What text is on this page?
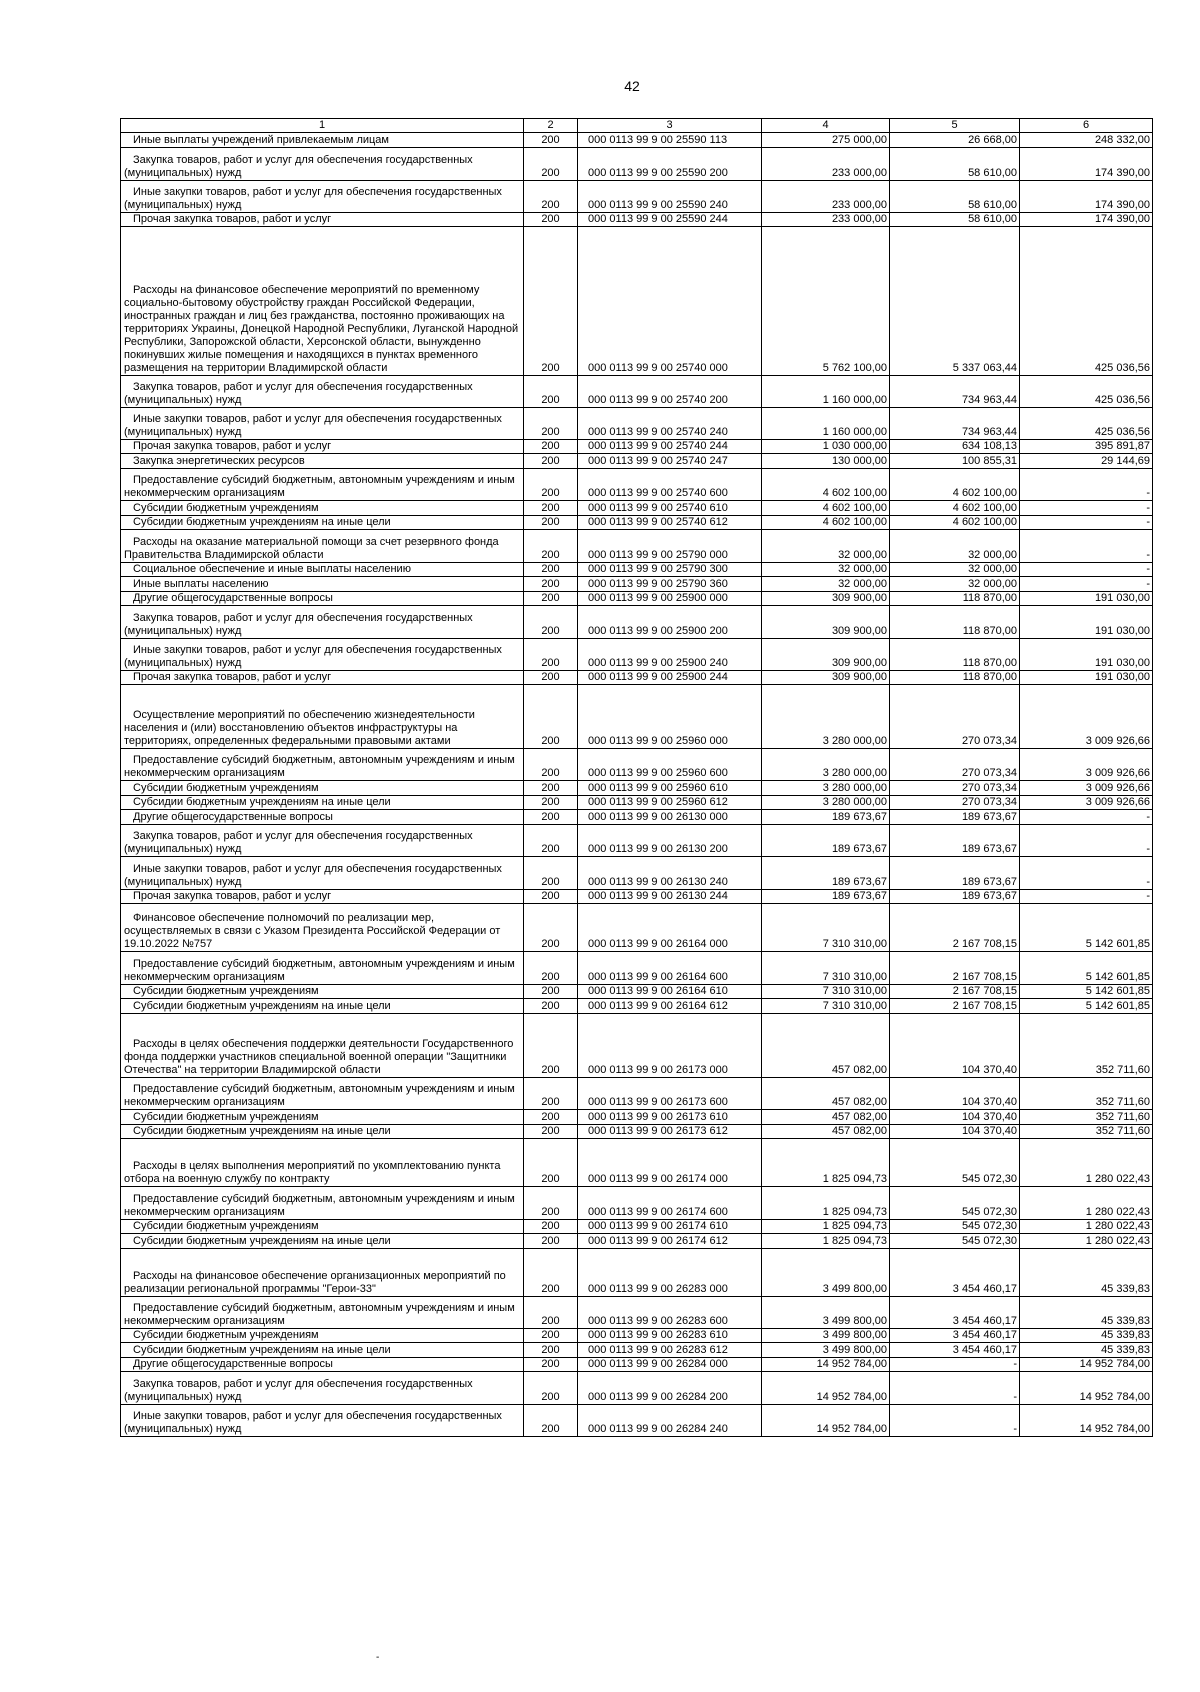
42
1	2	3	4	5	6
Иные выплаты учреждений привлекаемым лицам	200	000 0113 99 9 00 25590 113	275 000,00	26 668,00	248 332,00
Закупка товаров, работ и услуг для обеспечения государственных (муниципальных) нужд	200	000 0113 99 9 00 25590 200	233 000,00	58 610,00	174 390,00
Иные закупки товаров, работ и услуг для обеспечения государственных (муниципальных) нужд	200	000 0113 99 9 00 25590 240	233 000,00	58 610,00	174 390,00
Прочая закупка товаров, работ и услуг	200	000 0113 99 9 00 25590 244	233 000,00	58 610,00	174 390,00
Расходы на финансовое обеспечение мероприятий по временному социально-бытовому обустройству граждан Российской Федерации, иностранных граждан и лиц без гражданства, постоянно проживающих на территориях Украины, Донецкой Народной Республики, Луганской Народной Республики, Запорожской области, Херсонской области, вынужденно покинувших жилые помещения и находящихся в пунктах временного размещения на территории Владимирской области	200	000 0113 99 9 00 25740 000	5 762 100,00	5 337 063,44	425 036,56
Закупка товаров, работ и услуг для обеспечения государственных (муниципальных) нужд	200	000 0113 99 9 00 25740 200	1 160 000,00	734 963,44	425 036,56
Иные закупки товаров, работ и услуг для обеспечения государственных (муниципальных) нужд	200	000 0113 99 9 00 25740 240	1 160 000,00	734 963,44	425 036,56
Прочая закупка товаров, работ и услуг	200	000 0113 99 9 00 25740 244	1 030 000,00	634 108,13	395 891,87
Закупка энергетических ресурсов	200	000 0113 99 9 00 25740 247	130 000,00	100 855,31	29 144,69
Предоставление субсидий бюджетным, автономным учреждениям и иным некоммерческим организациям	200	000 0113 99 9 00 25740 600	4 602 100,00	4 602 100,00	-
Субсидии бюджетным учреждениям	200	000 0113 99 9 00 25740 610	4 602 100,00	4 602 100,00	-
Субсидии бюджетным учреждениям на иные цели	200	000 0113 99 9 00 25740 612	4 602 100,00	4 602 100,00	-
Расходы на оказание материальной помощи за счет резервного фонда Правительства Владимирской области	200	000 0113 99 9 00 25790 000	32 000,00	32 000,00	-
Социальное обеспечение и иные выплаты населению	200	000 0113 99 9 00 25790 300	32 000,00	32 000,00	-
Иные выплаты населению	200	000 0113 99 9 00 25790 360	32 000,00	32 000,00	-
Другие общегосударственные вопросы	200	000 0113 99 9 00 25900 000	309 900,00	118 870,00	191 030,00
Закупка товаров, работ и услуг для обеспечения государственных (муниципальных) нужд	200	000 0113 99 9 00 25900 200	309 900,00	118 870,00	191 030,00
Иные закупки товаров, работ и услуг для обеспечения государственных (муниципальных) нужд	200	000 0113 99 9 00 25900 240	309 900,00	118 870,00	191 030,00
Прочая закупка товаров, работ и услуг	200	000 0113 99 9 00 25900 244	309 900,00	118 870,00	191 030,00
Осуществление мероприятий по обеспечению жизнедеятельности населения и (или) восстановлению объектов инфраструктуры на территориях, определенных федеральными правовыми актами	200	000 0113 99 9 00 25960 000	3 280 000,00	270 073,34	3 009 926,66
Предоставление субсидий бюджетным, автономным учреждениям и иным некоммерческим организациям	200	000 0113 99 9 00 25960 600	3 280 000,00	270 073,34	3 009 926,66
Субсидии бюджетным учреждениям	200	000 0113 99 9 00 25960 610	3 280 000,00	270 073,34	3 009 926,66
Субсидии бюджетным учреждениям на иные цели	200	000 0113 99 9 00 25960 612	3 280 000,00	270 073,34	3 009 926,66
Другие общегосударственные вопросы	200	000 0113 99 9 00 26130 000	189 673,67	189 673,67	-
Закупка товаров, работ и услуг для обеспечения государственных (муниципальных) нужд	200	000 0113 99 9 00 26130 200	189 673,67	189 673,67	-
Иные закупки товаров, работ и услуг для обеспечения государственных (муниципальных) нужд	200	000 0113 99 9 00 26130 240	189 673,67	189 673,67	-
Прочая закупка товаров, работ и услуг	200	000 0113 99 9 00 26130 244	189 673,67	189 673,67	-
Финансовое обеспечение полномочий по реализации мер, осуществляемых в связи с Указом Президента Российской Федерации от 19.10.2022 №757	200	000 0113 99 9 00 26164 000	7 310 310,00	2 167 708,15	5 142 601,85
Предоставление субсидий бюджетным, автономным учреждениям и иным некоммерческим организациям	200	000 0113 99 9 00 26164 600	7 310 310,00	2 167 708,15	5 142 601,85
Субсидии бюджетным учреждениям	200	000 0113 99 9 00 26164 610	7 310 310,00	2 167 708,15	5 142 601,85
Субсидии бюджетным учреждениям на иные цели	200	000 0113 99 9 00 26164 612	7 310 310,00	2 167 708,15	5 142 601,85
Расходы в целях обеспечения поддержки деятельности Государственного фонда поддержки участников специальной военной операции "Защитники Отечества" на территории Владимирской области	200	000 0113 99 9 00 26173 000	457 082,00	104 370,40	352 711,60
Предоставление субсидий бюджетным, автономным учреждениям и иным некоммерческим организациям	200	000 0113 99 9 00 26173 600	457 082,00	104 370,40	352 711,60
Субсидии бюджетным учреждениям	200	000 0113 99 9 00 26173 610	457 082,00	104 370,40	352 711,60
Субсидии бюджетным учреждениям на иные цели	200	000 0113 99 9 00 26173 612	457 082,00	104 370,40	352 711,60
Расходы в целях выполнения мероприятий по укомплектованию пункта отбора на военную службу по контракту	200	000 0113 99 9 00 26174 000	1 825 094,73	545 072,30	1 280 022,43
Предоставление субсидий бюджетным, автономным учреждениям и иным некоммерческим организациям	200	000 0113 99 9 00 26174 600	1 825 094,73	545 072,30	1 280 022,43
Субсидии бюджетным учреждениям	200	000 0113 99 9 00 26174 610	1 825 094,73	545 072,30	1 280 022,43
Субсидии бюджетным учреждениям на иные цели	200	000 0113 99 9 00 26174 612	1 825 094,73	545 072,30	1 280 022,43
Расходы на финансовое обеспечение организационных мероприятий по реализации региональной программы "Герои-33"	200	000 0113 99 9 00 26283 000	3 499 800,00	3 454 460,17	45 339,83
Предоставление субсидий бюджетным, автономным учреждениям и иным некоммерческим организациям	200	000 0113 99 9 00 26283 600	3 499 800,00	3 454 460,17	45 339,83
Субсидии бюджетным учреждениям	200	000 0113 99 9 00 26283 610	3 499 800,00	3 454 460,17	45 339,83
Субсидии бюджетным учреждениям на иные цели	200	000 0113 99 9 00 26283 612	3 499 800,00	3 454 460,17	45 339,83
Другие общегосударственные вопросы	200	000 0113 99 9 00 26284 000	14 952 784,00	-	14 952 784,00
Закупка товаров, работ и услуг для обеспечения государственных (муниципальных) нужд	200	000 0113 99 9 00 26284 200	14 952 784,00	-	14 952 784,00
Иные закупки товаров, работ и услуг для обеспечения государственных (муниципальных) нужд	200	000 0113 99 9 00 26284 240	14 952 784,00	-	14 952 784,00
-
